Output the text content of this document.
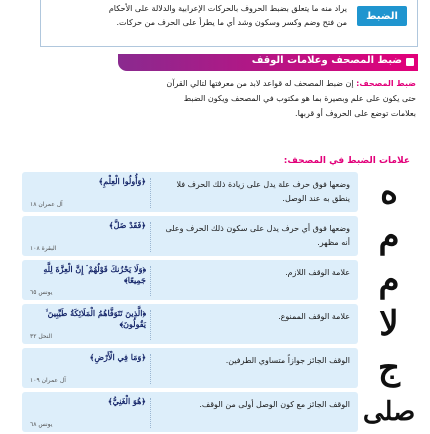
الضبط
يراد منه ما يتعلق بضبط الحروف بالحركات الإعرابية والدلالة على الأحكام
من فتح وضم وكسر وسكون وشد أي ما يطرأ على الحرف من حركات.
ضبط المصحف وعلامات الوقف
ضبط المصحف: إن ضبط المصحف له قواعد لابد من معرفتها لتالي القرآن
حتى يكون على علم وبصيرة بما هو مكتوب في المصحف ويكون الضبط
بعلامات توضع على الحروف أو قربها.
علامات الضبط في المصحف:
ه
وضعها فوق حرف علة يدل على زيادة ذلك الحرف فلا ينطق به عند الوصل.
﴿وَأُولُوا الْعِلْمِ﴾
آل عمران ١٨
م
وضعها فوق أي حرف يدل على سكون ذلك الحرف وعلى أنه مظهر.
﴿فَقَدْ ضَلَّ﴾
البقرة ١٠٨
م
علامة الوقف اللازم.
﴿وَلَا يَحْزُنكَ قَوْلُهُمْ ۘ إِنَّ الْعِزَّةَ لِلَّهِ جَمِيعًا﴾
يونس ٦٥
لا
علامة الوقف الممنوع.
﴿الَّذِينَ تَتَوَفَّاهُمُ الْمَلَائِكَةُ طَيِّبِينَ ۙ يَقُولُونَ﴾
النحل ٣٢
ج
الوقف الجائز جوازاً متساوي الطرفين.
﴿وَمَا فِي الْأَرْضِ﴾
آل عمران ١٠٩
صلى
الوقف الجائز مع كون الوصل أولى من الوقف.
﴿هُوَ الْغَنِيُّ﴾
يونس ٦٨
